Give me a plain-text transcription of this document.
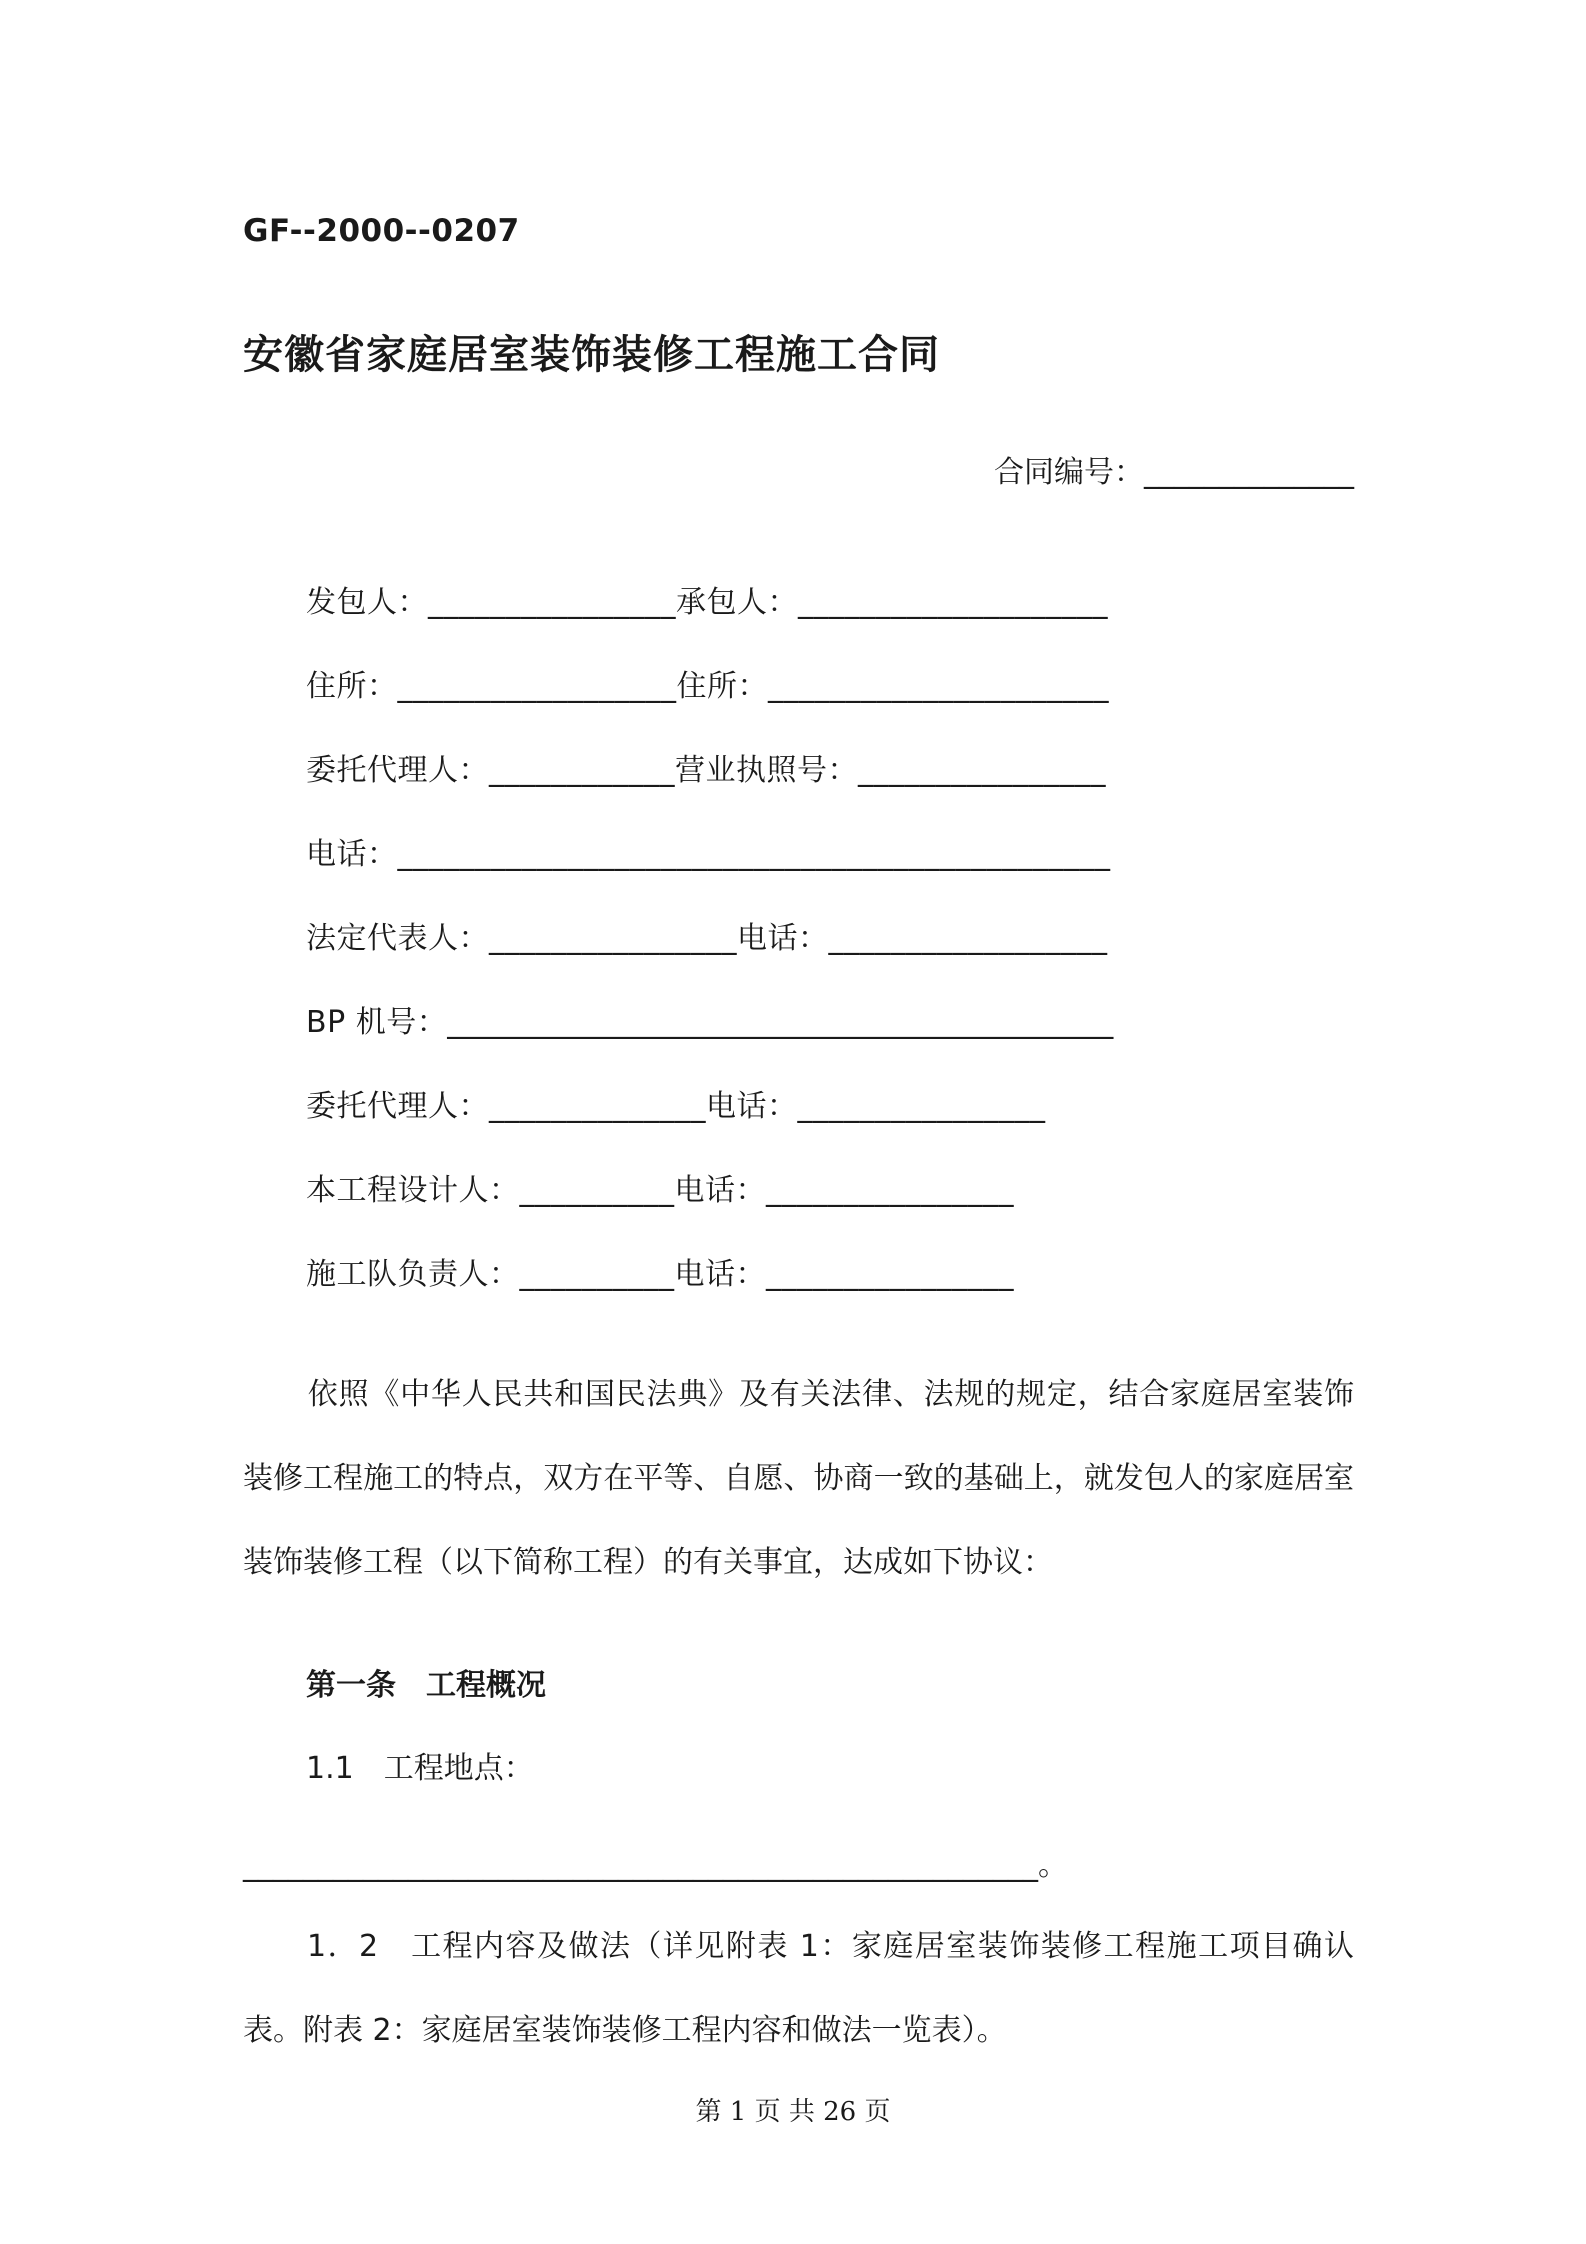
GF--2000--0207
安徽省家庭居室装饰装修工程施工合同
合同编号：______________
发包人：________________承包人：____________________
住所：__________________住所：______________________
委托代理人：____________营业执照号：________________
电话：______________________________________________
法定代表人：________________电话：__________________
BP 机号：___________________________________________
委托代理人：______________电话：________________
本工程设计人：__________电话：________________
施工队负责人：__________电话：________________
依照《中华人民共和国民法典》及有关法律、法规的规定，结合家庭居室装饰装修工程施工的特点，双方在平等、自愿、协商一致的基础上，就发包人的家庭居室装饰装修工程（以下简称工程）的有关事宜，达成如下协议：
第一条　工程概况
1.1　工程地点：
_____________________________________________________。
1．2　工程内容及做法（详见附表 1：家庭居室装饰装修工程施工项目确认表。附表 2：家庭居室装饰装修工程内容和做法一览表）。
第 1 页 共 26 页
